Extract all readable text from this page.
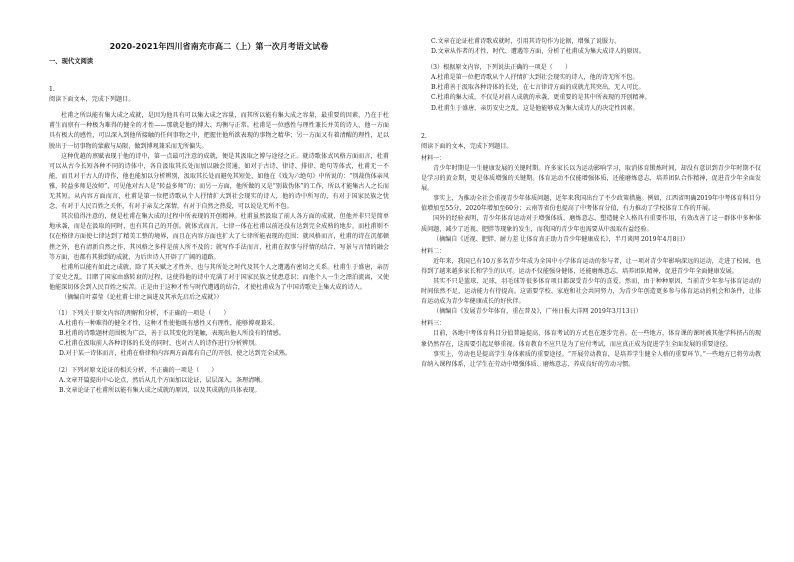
2020-2021年四川省南充市高二（上）第一次月考语文试卷

一、现代文阅读

1.

阅读下面文本，完成下列题目。

杜甫之所以能有集大成之成就，是因为他具有可以集大成之容量，而其所以能有集大成之容量，最重要的因素，乃在于杜甫生而禀有一种极为难得的健全的才性——那就是他的博大、均衡与正常。杜甫是一位感性与理性兼长并美的诗人，他一方面具有极大的感性，可以深入到他所接触的任何事物之中，把握住他所欲表现的事物之精华；另一方面又有着清醒的理性，足以脱出于一切事物的蒙蔽与局限，做到博观兼采而无所偏失。

这种优越的禀赋表现于他的诗中，第一点最可注意的成就，便是其汲取之博与途径之正。就诗歌体式风格方面而言，杜甫可以从古今长短各种不同的诗体中，各自汲取其长处而加以融会贯通，如对于古诗、律诗、排律、绝句等体式，杜甫无一不能，而且对于古人的诗作，他也能加以分析辨别，汲取其长处而避免其短处，如他在《戏为六绝句》中所说的：“别裁伪体亲风雅，转益多师是汝师”，可见他对古人是“转益多师”的；而另一方面，他所做的又是“别裁伪体”的工作，所以才能集古人之长而无其短。从内容方面而言，杜甫是第一位把诗歌从个人抒情扩大到社会现实的诗人，他的诗中所写的，有对于国家民族之忧念，有对于人民百姓之关怀，有对于亲友之深情，有对于自然之热爱，可以说是无所不包。

其次值得注意的，便是杜甫在集大成的过程中所表现的开创精神。杜甫虽然汲取了前人各方面的成就，但他并非只是简单地承袭，而是在汲取的同时，也有其自己的开创。就体式而言，七律一体在杜甫以前还没有达到完全成熟的地步，而杜甫则不仅在格律方面使七律达到了精美工整的境界，而且在内容方面也扩大了七律所能表现的范围；就风格而言，杜甫的诗在沉郁顿挫之外，也有清新自然之作，其风格之多样是前人所不及的；就写作手法而言，杜甫在叙事与抒情的结合、写景与言情的融会等方面，也都有其独到的成就，为后世诗人开辟了广阔的道路。

杜甫所以能有如此之成就，除了其天赋之才性外，也与其所处之时代及其个人之遭遇有密切之关系。杜甫生于盛唐，亲历了安史之乱，目睹了国家由盛转衰的过程，这使得他的诗中充满了对于国家民族之忧患意识；而他个人一生之漂泊流离，又使他能深切体会到人民百姓之疾苦。正是由于这种才性与时代遭遇的结合，才使杜甫成为了中国诗歌史上集大成的诗人。

（摘编自叶嘉莹《论杜甫七律之演进及其承先启后之成就》）

（1）下列关于原文内容的理解和分析，不正确的一项是（　　）

A.杜甫有一种难得的健全才性，这种才性使他既有感性又有理性，能够博观兼采。

B.杜甫的诗歌题材范围极为广泛，善于以其变化的笔触，表现出他人所没有的情感。

C.杜甫在汲取前人各种诗体的长处的同时，也对古人的诗作进行分析辨别。

D.对于某一诗体而言，杜甫在格律和内容两方面都有自己的开创，使之达到完全成熟。

（2）下列对原文论证的相关分析，不正确的一项是（　　）

A.文章开篇提出中心论点，然后从几个方面加以论证，层层深入，条理清晰。

B.文章论证了杜甫所以能有集大成之成就的原因，以及其成就的具体表现。

C.文章在论证杜甫诗歌成就时，引用其诗句作为论据，增强了说服力。

D.文章从作者的才性、时代、遭遇等方面，分析了杜甫成为集大成诗人的原因。

（3）根据原文内容，下列说法正确的一项是（　　）

A.杜甫是第一位把诗歌从个人抒情扩大到社会现实的诗人，他的诗无所不包。

B.杜甫善于汲取各种诗体的长处，在七言律诗方面的成就尤其突出，无人可比。

C.杜甫的集大成，不仅是对前人成就的承袭，更重要的是其中所表现的开创精神。

D.杜甫生于盛唐，亲历安史之乱，这是他能够成为集大成诗人的决定性因素。

2.

阅读下面的文本，完成下列题目。

材料一：

青少年时期是一生健康发展的关键时期。许多家长以为运动影响学习，取消体育锻炼时间，却没有意识到青少年时期不仅是学习的黄金期，更是体质增强的关键期。体育运动不仅能增强体质，还能磨炼意志，培养团队合作精神，促进青少年全面发展。

事实上，为推动全社会重视青少年体质问题，近年来我国出台了不少政策措施。例如，江西省明确2019年中考体育科目分值增加至55分，2020年增加至60分；云南等省份也提高了中考体育分值，有力推动了学校体育工作的开展。

国外的经验表明，青少年体育运动对于增强体质、磨炼意志、塑造健全人格具有重要作用，有效改善了这一群体中多种体质问题，减少了近视、肥胖等现象的发生，而我国的青少年也需要从中汲取有益经验。

（摘编自《近视、肥胖、耐力差 让体育真正助力青少年健康成长》，半月谈网 2019年4月8日）

材料二：

近年来，我国已有10万多名青少年成为全国中小学体育运动的参与者，让一项对青少年影响深远的运动，走进了校园，也得到了越来越多家长和学生的认可。运动不仅能强身健体，还能磨炼意志，培养团队精神，促进青少年全面健康发展。

其实不只是篮球、足球，羽毛球等很多体育项目都深受青少年的喜爱。然而，由于种种原因，当前青少年参与体育运动的时间依然不足，运动能力有待提高。这需要学校、家庭和社会共同努力，为青少年创造更多参与体育运动的机会和条件，让体育运动成为青少年健康成长的好伙伴。

（摘编自《发展青少年体育，重在普及》，广州日报大洋网 2019年3月13日）

材料三：

目前，各地中考体育科目分值普遍提高，体育考试的方式也在逐步完善。在一些地方，体育课的课时被其他学科挤占的现象仍然存在，这需要引起足够重视。体育教育不应只是为了应付考试，而应真正成为促进学生全面发展的重要途径。

事实上，劳动也是提高学生身体素质的重要途径。“开展劳动教育，是培养学生健全人格的重要环节。”一些地方已将劳动教育纳入课程体系，让学生在劳动中增强体质、磨炼意志，养成良好的劳动习惯。
